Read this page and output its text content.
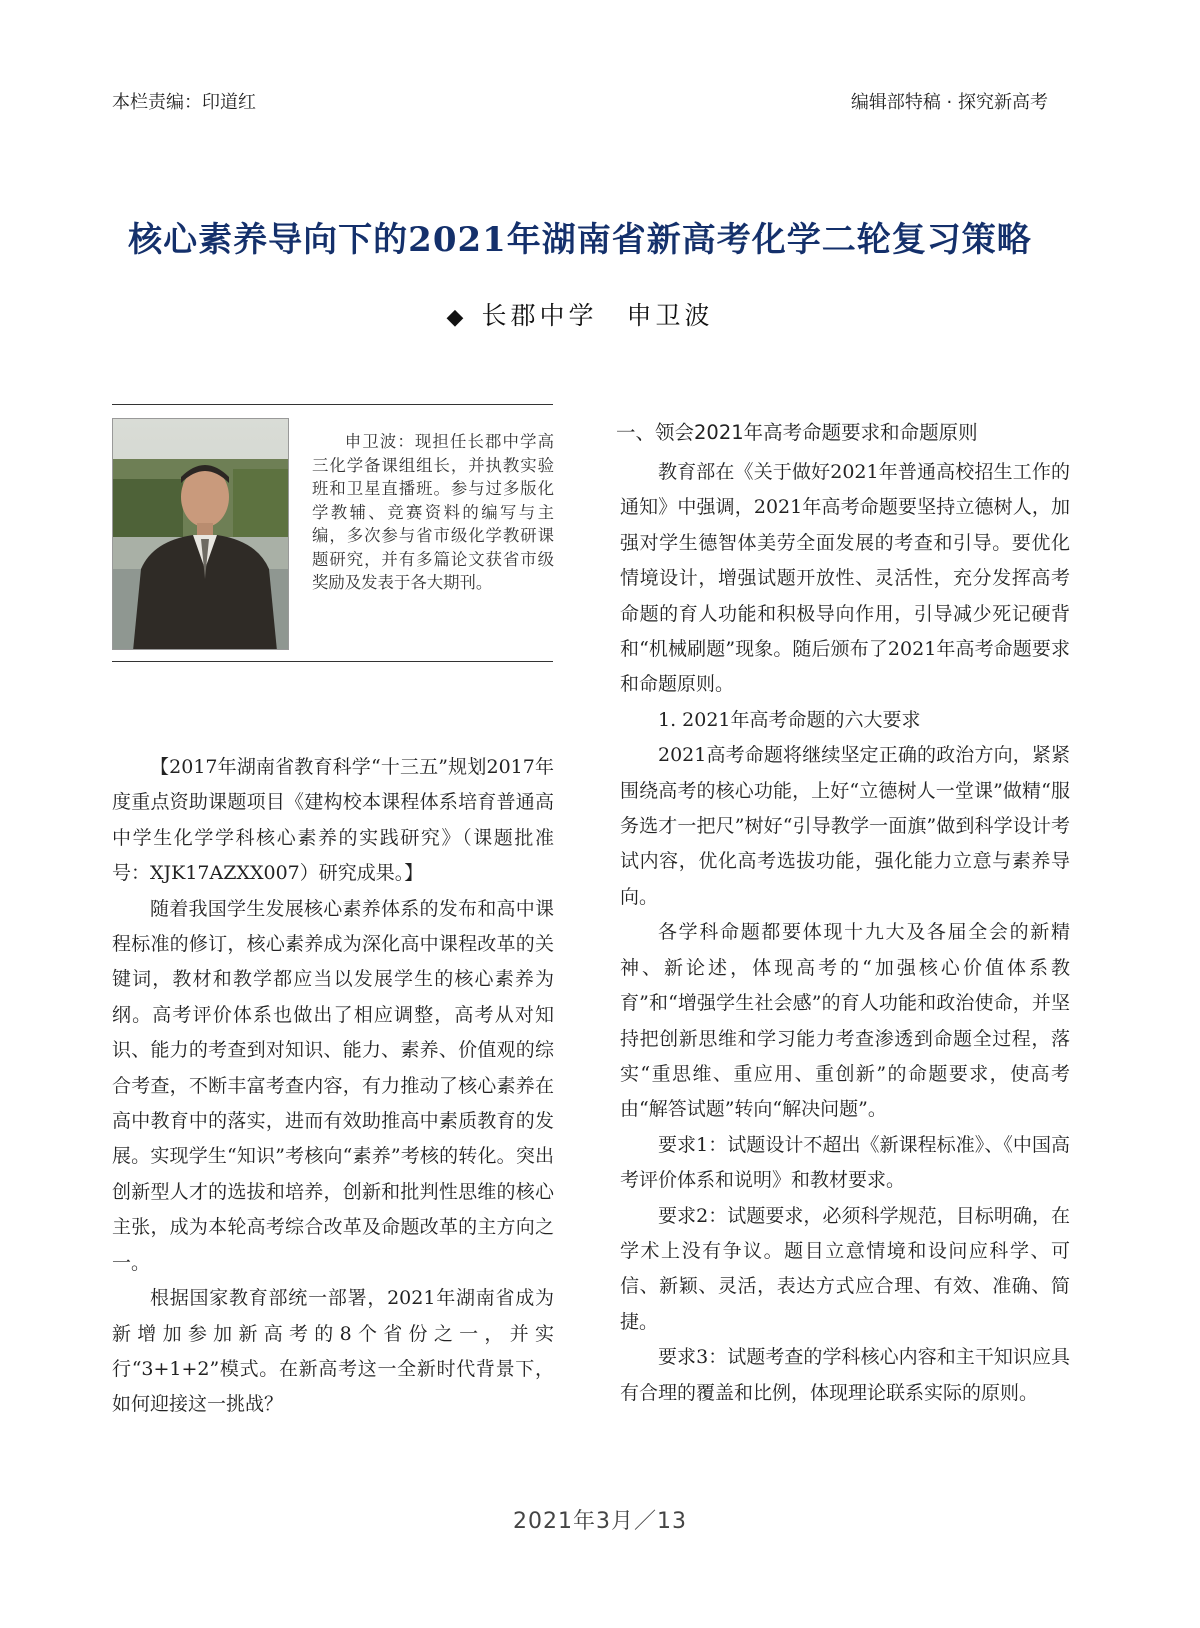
本栏责编：印道红	编辑部特稿 · 探究新高考
核心素养导向下的2021年湖南省新高考化学二轮复习策略
◆ 长郡中学　申卫波
申卫波：现担任长郡中学高三化学备课组组长，并执教实验班和卫星直播班。参与过多版化学教辅、竞赛资料的编写与主编，多次参与省市级化学教研课题研究，并有多篇论文获省市级奖励及发表于各大期刊。

【2017年湖南省教育科学“十三五”规划2017年度重点资助课题项目《建构校本课程体系培育普通高中学生化学学科核心素养的实践研究》（课题批准号：XJK17AZXX007）研究成果。】

随着我国学生发展核心素养体系的发布和高中课程标准的修订，核心素养成为深化高中课程改革的关键词，教材和教学都应当以发展学生的核心素养为纲。高考评价体系也做出了相应调整，高考从对知识、能力的考查到对知识、能力、素养、价值观的综合考查，不断丰富考查内容，有力推动了核心素养在高中教育中的落实，进而有效助推高中素质教育的发展。实现学生“知识”考核向“素养”考核的转化。突出创新型人才的选拔和培养，创新和批判性思维的核心主张，成为本轮高考综合改革及命题改革的主方向之一。

根据国家教育部统一部署，2021年湖南省成为新增加参加新高考的8个省份之一，并实行“3+1+2”模式。在新高考这一全新时代背景下，如何迎接这一挑战？

一、领会2021年高考命题要求和命题原则

教育部在《关于做好2021年普通高校招生工作的通知》中强调，2021年高考命题要坚持立德树人，加强对学生德智体美劳全面发展的考查和引导。要优化情境设计，增强试题开放性、灵活性，充分发挥高考命题的育人功能和积极导向作用，引导减少死记硬背和“机械刷题”现象。随后颁布了2021年高考命题要求和命题原则。

1. 2021年高考命题的六大要求

2021高考命题将继续坚定正确的政治方向，紧紧围绕高考的核心功能，上好“立德树人一堂课”做精“服务选才一把尺”树好“引导教学一面旗”做到科学设计考试内容，优化高考选拔功能，强化能力立意与素养导向。

各学科命题都要体现十九大及各届全会的新精神、新论述，体现高考的“加强核心价值体系教育”和“增强学生社会感”的育人功能和政治使命，并坚持把创新思维和学习能力考查渗透到命题全过程，落实“重思维、重应用、重创新”的命题要求，使高考由“解答试题”转向“解决问题”。

要求1：试题设计不超出《新课程标准》、《中国高考评价体系和说明》和教材要求。

要求2：试题要求，必须科学规范，目标明确，在学术上没有争议。题目立意情境和设问应科学、可信、新颖、灵活，表达方式应合理、有效、准确、简捷。

要求3：试题考查的学科核心内容和主干知识应具有合理的覆盖和比例，体现理论联系实际的原则。

2021年3月／13
